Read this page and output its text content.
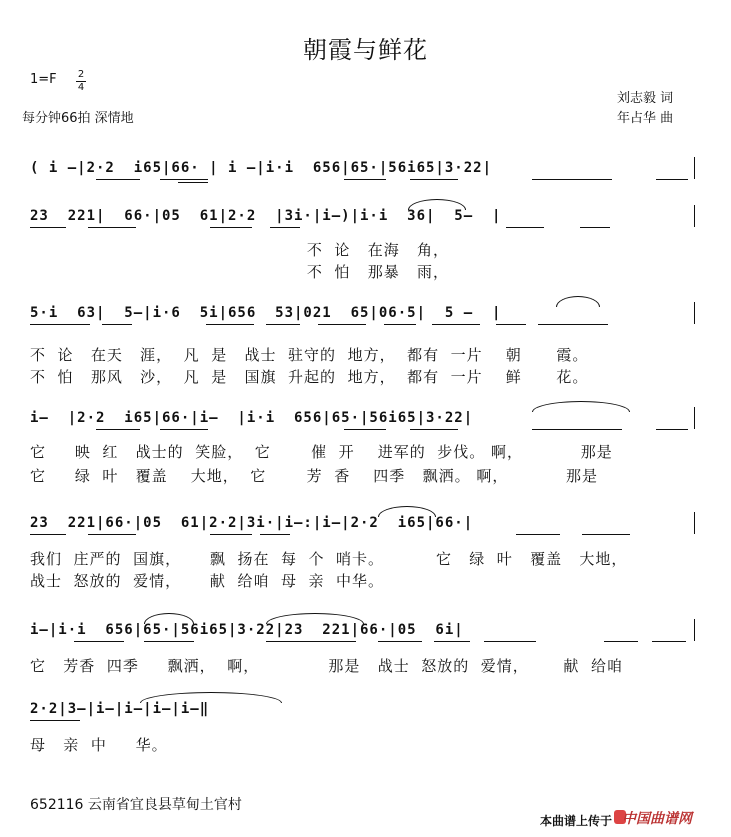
朝霞与鲜花
1=F 2
4
每分钟66拍 深情地
刘志毅 词
年占华 曲
( i —|2·2  i65|66· | i —|i·i  656|65·|56i65|3·22|
23  221|  66·|05  61|2·2  |3i·|i—)|i·i  36|  5—  |
不  论   在海   角，
不  怕   那暴   雨，
5·i  63|  5—|i·6  5i|656  53|021  65|06·5|  5 —  |
不  论   在天   涯，  凡  是   战士  驻守的  地方，  都有  一片    朝      霞。
不  怕   那风   沙，  凡  是   国旗  升起的  地方，  都有  一片    鲜      花。
i—  |2·2  i65|66·|i—  |i·i  656|65·|56i65|3·22|
它     映  红   战士的  笑脸，  它       催  开    进军的  步伐。 啊，          那是
它     绿  叶   覆盖    大地，  它       芳  香    四季   飘洒。 啊，          那是
23  221|66·|05  61|2·2|3i·|i—:|i—|2·2  i65|66·|
我们  庄严的  国旗，     飘  扬在  每  个  哨卡。         它   绿  叶   覆盖   大地，
战士  怒放的  爱情，     献  给咱  母  亲  中华。
i—|i·i  656|65·|56i65|3·22|23  221|66·|05  6i|
它   芳香  四季     飘洒，  啊，            那是   战士  怒放的  爱情，      献  给咱
2·2|3—|i—|i—|i—|i—‖
母   亲  中     华。
652116 云南省宜良县草甸土官村
本曲谱上传于 中国曲谱网
